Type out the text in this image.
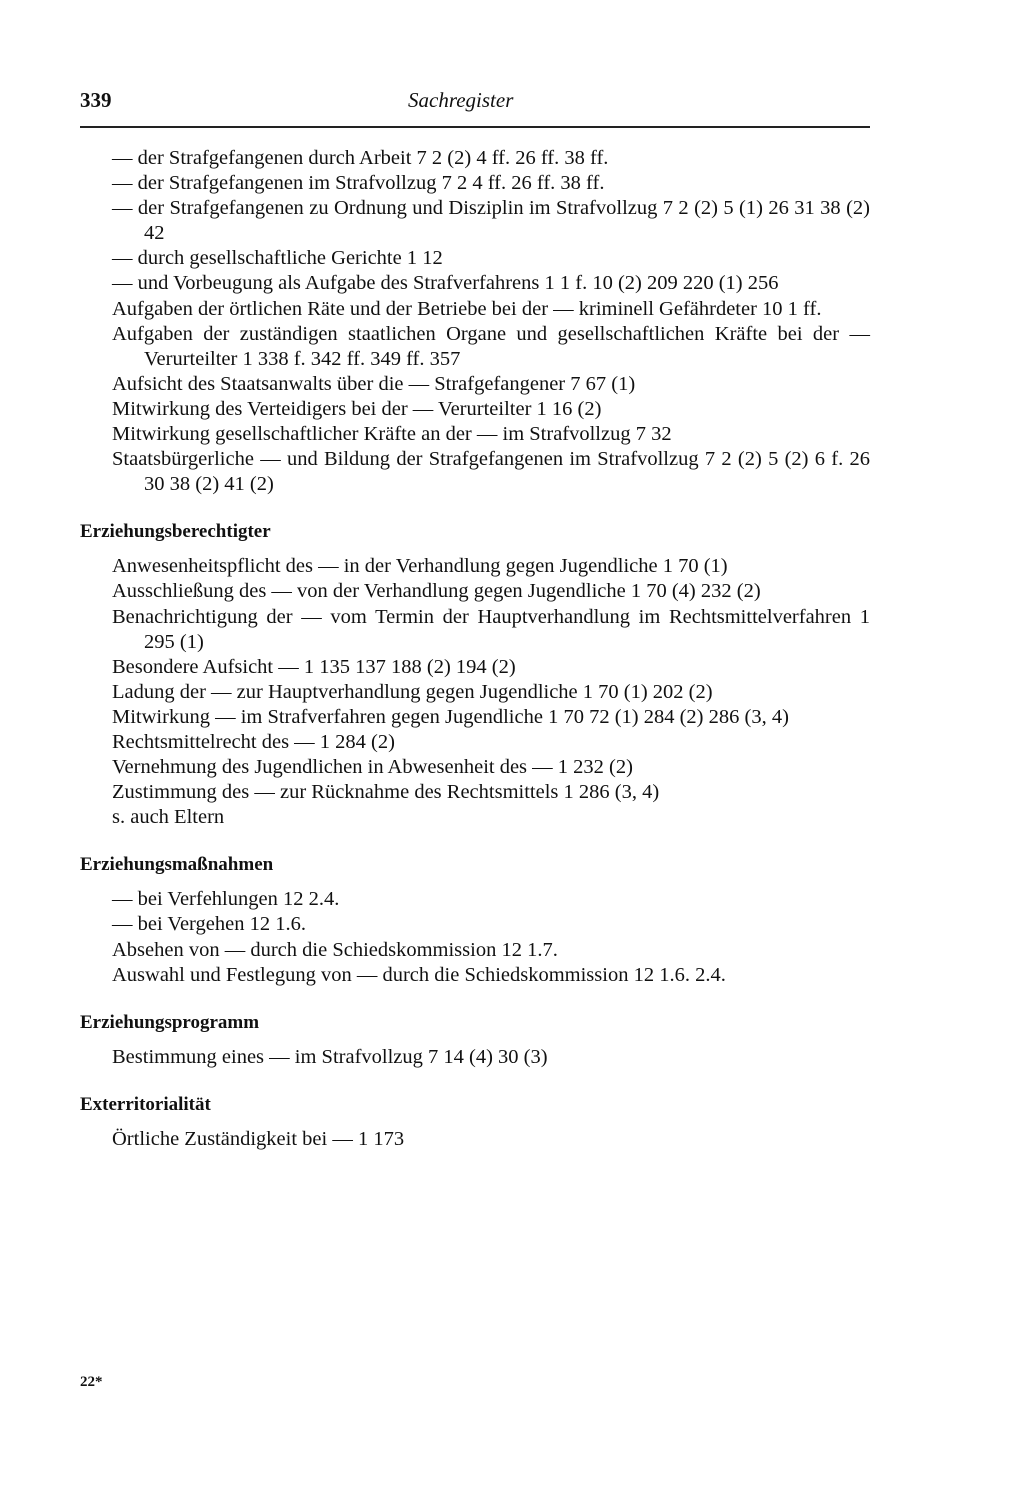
339	Sachregister

— der Strafgefangenen durch Arbeit 7 2 (2) 4 ff. 26 ff. 38 ff.

— der Strafgefangenen im Strafvollzug 7 2 4 ff. 26 ff. 38 ff.

— der Strafgefangenen zu Ordnung und Disziplin im Strafvollzug 7 2 (2) 5 (1) 26 31 38 (2) 42

— durch gesellschaftliche Gerichte 1 12

— und Vorbeugung als Aufgabe des Strafverfahrens 1 1 f. 10 (2) 209 220 (1) 256

Aufgaben der örtlichen Räte und der Betriebe bei der — kriminell Gefährdeter 10 1 ff.

Aufgaben der zuständigen staatlichen Organe und gesellschaftlichen Kräfte bei der — Verurteilter 1 338 f. 342 ff. 349 ff. 357

Aufsicht des Staatsanwalts über die — Strafgefangener 7 67 (1)

Mitwirkung des Verteidigers bei der — Verurteilter 1 16 (2)

Mitwirkung gesellschaftlicher Kräfte an der — im Strafvollzug 7 32

Staatsbürgerliche — und Bildung der Strafgefangenen im Strafvollzug 7 2 (2) 5 (2) 6 f. 26 30 38 (2) 41 (2)

Erziehungsberechtigter

Anwesenheitspflicht des — in der Verhandlung gegen Jugendliche 1 70 (1)

Ausschließung des — von der Verhandlung gegen Jugendliche 1 70 (4) 232 (2)

Benachrichtigung der — vom Termin der Hauptverhandlung im Rechtsmittelverfahren 1 295 (1)

Besondere Aufsicht — 1 135 137 188 (2) 194 (2)

Ladung der — zur Hauptverhandlung gegen Jugendliche 1 70 (1) 202 (2)

Mitwirkung — im Strafverfahren gegen Jugendliche 1 70 72 (1) 284 (2) 286 (3, 4)

Rechtsmittelrecht des — 1 284 (2)

Vernehmung des Jugendlichen in Abwesenheit des — 1 232 (2)

Zustimmung des — zur Rücknahme des Rechtsmittels 1 286 (3, 4)

s. auch Eltern

Erziehungsmaßnahmen

— bei Verfehlungen 12 2.4.

— bei Vergehen 12 1.6.

Absehen von — durch die Schiedskommission 12 1.7.

Auswahl und Festlegung von — durch die Schiedskommission 12 1.6. 2.4.

Erziehungsprogramm

Bestimmung eines — im Strafvollzug 7 14 (4) 30 (3)

Exterritorialität

Örtliche Zuständigkeit bei — 1 173

22*
